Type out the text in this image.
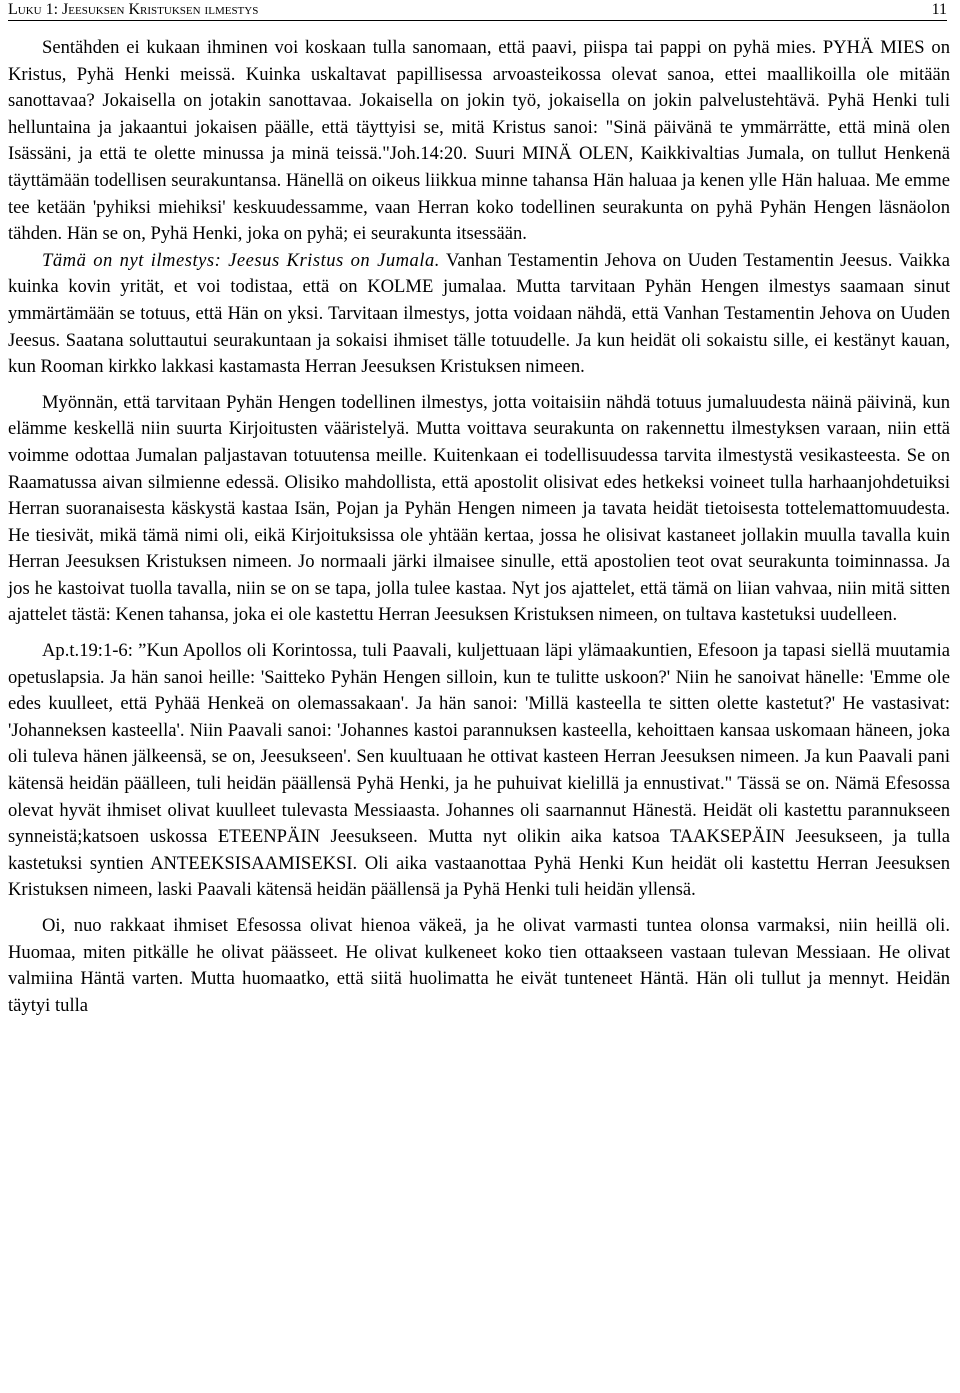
Luku 1: Jeesuksen Kristuksen ilmestys	11

Sentähden ei kukaan ihminen voi koskaan tulla sanomaan, että paavi, piispa tai pappi on pyhä mies. PYHÄ MIES on Kristus, Pyhä Henki meissä. Kuinka uskaltavat papillisessa arvoasteikossa olevat sanoa, ettei maallikoilla ole mitään sanottavaa? Jokaisella on jotakin sanottavaa. Jokaisella on jokin työ, jokaisella on jokin palvelustehtävä. Pyhä Henki tuli helluntaina ja jakaantui jokaisen päälle, että täyttyisi se, mitä Kristus sanoi: "Sinä päivänä te ymmärrätte, että minä olen Isässäni, ja että te olette minussa ja minä teissä."Joh.14:20. Suuri MINÄ OLEN, Kaikkivaltias Jumala, on tullut Henkenä täyttämään todellisen seurakuntansa. Hänellä on oikeus liikkua minne tahansa Hän haluaa ja kenen ylle Hän haluaa. Me emme tee ketään 'pyhiksi miehiksi' keskuudessamme, vaan Herran koko todellinen seurakunta on pyhä Pyhän Hengen läsnäolon tähden. Hän se on, Pyhä Henki, joka on pyhä; ei seurakunta itsessään.

Tämä on nyt ilmestys: Jeesus Kristus on Jumala. Vanhan Testamentin Jehova on Uuden Testamentin Jeesus. Vaikka kuinka kovin yrität, et voi todistaa, että on KOLME jumalaa. Mutta tarvitaan Pyhän Hengen ilmestys saamaan sinut ymmärtämään se totuus, että Hän on yksi. Tarvitaan ilmestys, jotta voidaan nähdä, että Vanhan Testamentin Jehova on Uuden Jeesus. Saatana soluttautui seurakuntaan ja sokaisi ihmiset tälle totuudelle. Ja kun heidät oli sokaistu sille, ei kestänyt kauan, kun Rooman kirkko lakkasi kastamasta Herran Jeesuksen Kristuksen nimeen.

Myönnän, että tarvitaan Pyhän Hengen todellinen ilmestys, jotta voitaisiin nähdä totuus jumaluudesta näinä päivinä, kun elämme keskellä niin suurta Kirjoitusten vääristelyä. Mutta voittava seurakunta on rakennettu ilmestyksen varaan, niin että voimme odottaa Jumalan paljastavan totuutensa meille. Kuitenkaan ei todellisuudessa tarvita ilmestystä vesikasteesta. Se on Raamatussa aivan silmienne edessä. Olisiko mahdollista, että apostolit olisivat edes hetkeksi voineet tulla harhaanjohdetuiksi Herran suoranaisesta käskystä kastaa Isän, Pojan ja Pyhän Hengen nimeen ja tavata heidät tietoisesta tottelemattomuudesta. He tiesivät, mikä tämä nimi oli, eikä Kirjoituksissa ole yhtään kertaa, jossa he olisivat kastaneet jollakin muulla tavalla kuin Herran Jeesuksen Kristuksen nimeen. Jo normaali järki ilmaisee sinulle, että apostolien teot ovat seurakunta toiminnassa. Ja jos he kastoivat tuolla tavalla, niin se on se tapa, jolla tulee kastaa. Nyt jos ajattelet, että tämä on liian vahvaa, niin mitä sitten ajattelet tästä: Kenen tahansa, joka ei ole kastettu Herran Jeesuksen Kristuksen nimeen, on tultava kastetuksi uudelleen.

Ap.t.19:1-6: ”Kun Apollos oli Korintossa, tuli Paavali, kuljettuaan läpi ylämaakuntien, Efesoon ja tapasi siellä muutamia opetuslapsia. Ja hän sanoi heille: 'Saitteko Pyhän Hengen silloin, kun te tulitte uskoon?' Niin he sanoivat hänelle: 'Emme ole edes kuulleet, että Pyhää Henkeä on olemassakaan'. Ja hän sanoi: 'Millä kasteella te sitten olette kastetut?' He vastasivat: 'Johanneksen kasteella'. Niin Paavali sanoi: 'Johannes kastoi parannuksen kasteella, kehoittaen kansaa uskomaan häneen, joka oli tuleva hänen jälkeensä, se on, Jeesukseen'. Sen kuultuaan he ottivat kasteen Herran Jeesuksen nimeen. Ja kun Paavali pani kätensä heidän päälleen, tuli heidän päällensä Pyhä Henki, ja he puhuivat kielillä ja ennustivat." Tässä se on. Nämä Efesossa olevat hyvät ihmiset olivat kuulleet tulevasta Messiaasta. Johannes oli saarnannut Hänestä. Heidät oli kastettu parannukseen synneistä;katsoen uskossa ETEENPÄIN Jeesukseen. Mutta nyt olikin aika katsoa TAAKSEPÄIN Jeesukseen, ja tulla kastetuksi syntien ANTEEKSISAAMISEKSI. Oli aika vastaanottaa Pyhä Henki Kun heidät oli kastettu Herran Jeesuksen Kristuksen nimeen, laski Paavali kätensä heidän päällensä ja Pyhä Henki tuli heidän yllensä.

Oi, nuo rakkaat ihmiset Efesossa olivat hienoa väkeä, ja he olivat varmasti tuntea olonsa varmaksi, niin heillä oli. Huomaa, miten pitkälle he olivat päässeet. He olivat kulkeneet koko tien ottaakseen vastaan tulevan Messiaan. He olivat valmiina Häntä varten. Mutta huomaatko, että siitä huolimatta he eivät tunteneet Häntä. Hän oli tullut ja mennyt. Heidän täytyi tulla
